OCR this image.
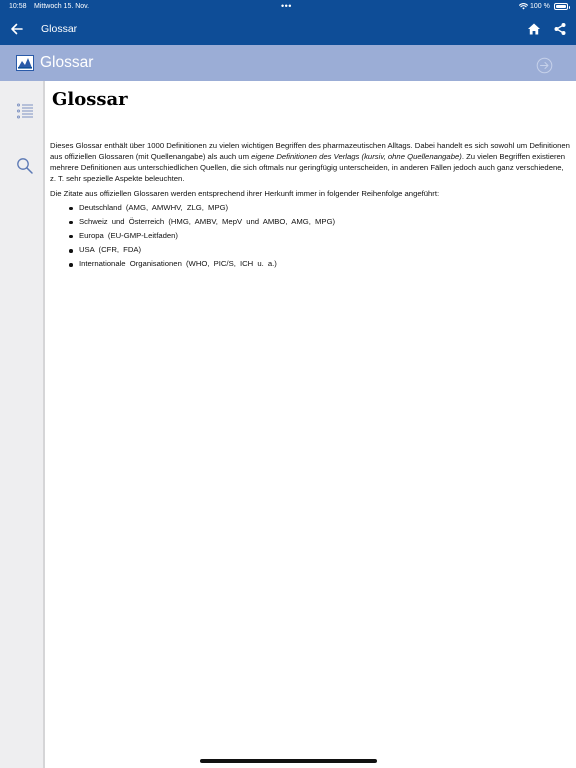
10:58 Mittwoch 15. Nov.	•••	100 %
Glossar
Glossar
Glossar

Dieses Glossar enthält über 1000 Definitionen zu vielen wichtigen Begriffen des pharmazeutischen Alltags. Dabei handelt es sich sowohl um Definitionen aus offiziellen Glossaren (mit Quellenangabe) als auch um eigene Definitionen des Verlags (kursiv, ohne Quellenangabe). Zu vielen Begriffen existieren mehrere Definitionen aus unterschiedlichen Quellen, die sich oftmals nur geringfügig unterscheiden, in anderen Fällen jedoch auch ganz verschiedene, z. T. sehr spezielle Aspekte beleuchten.

Die Zitate aus offiziellen Glossaren werden entsprechend ihrer Herkunft immer in folgender Reihenfolge angeführt:

Deutschland (AMG, AMWHV, ZLG, MPG)
Schweiz und Österreich (HMG, AMBV, MepV und AMBO, AMG, MPG)
Europa (EU-GMP-Leitfaden)
USA (CFR, FDA)
Internationale Organisationen (WHO, PIC/S, ICH u. a.)
